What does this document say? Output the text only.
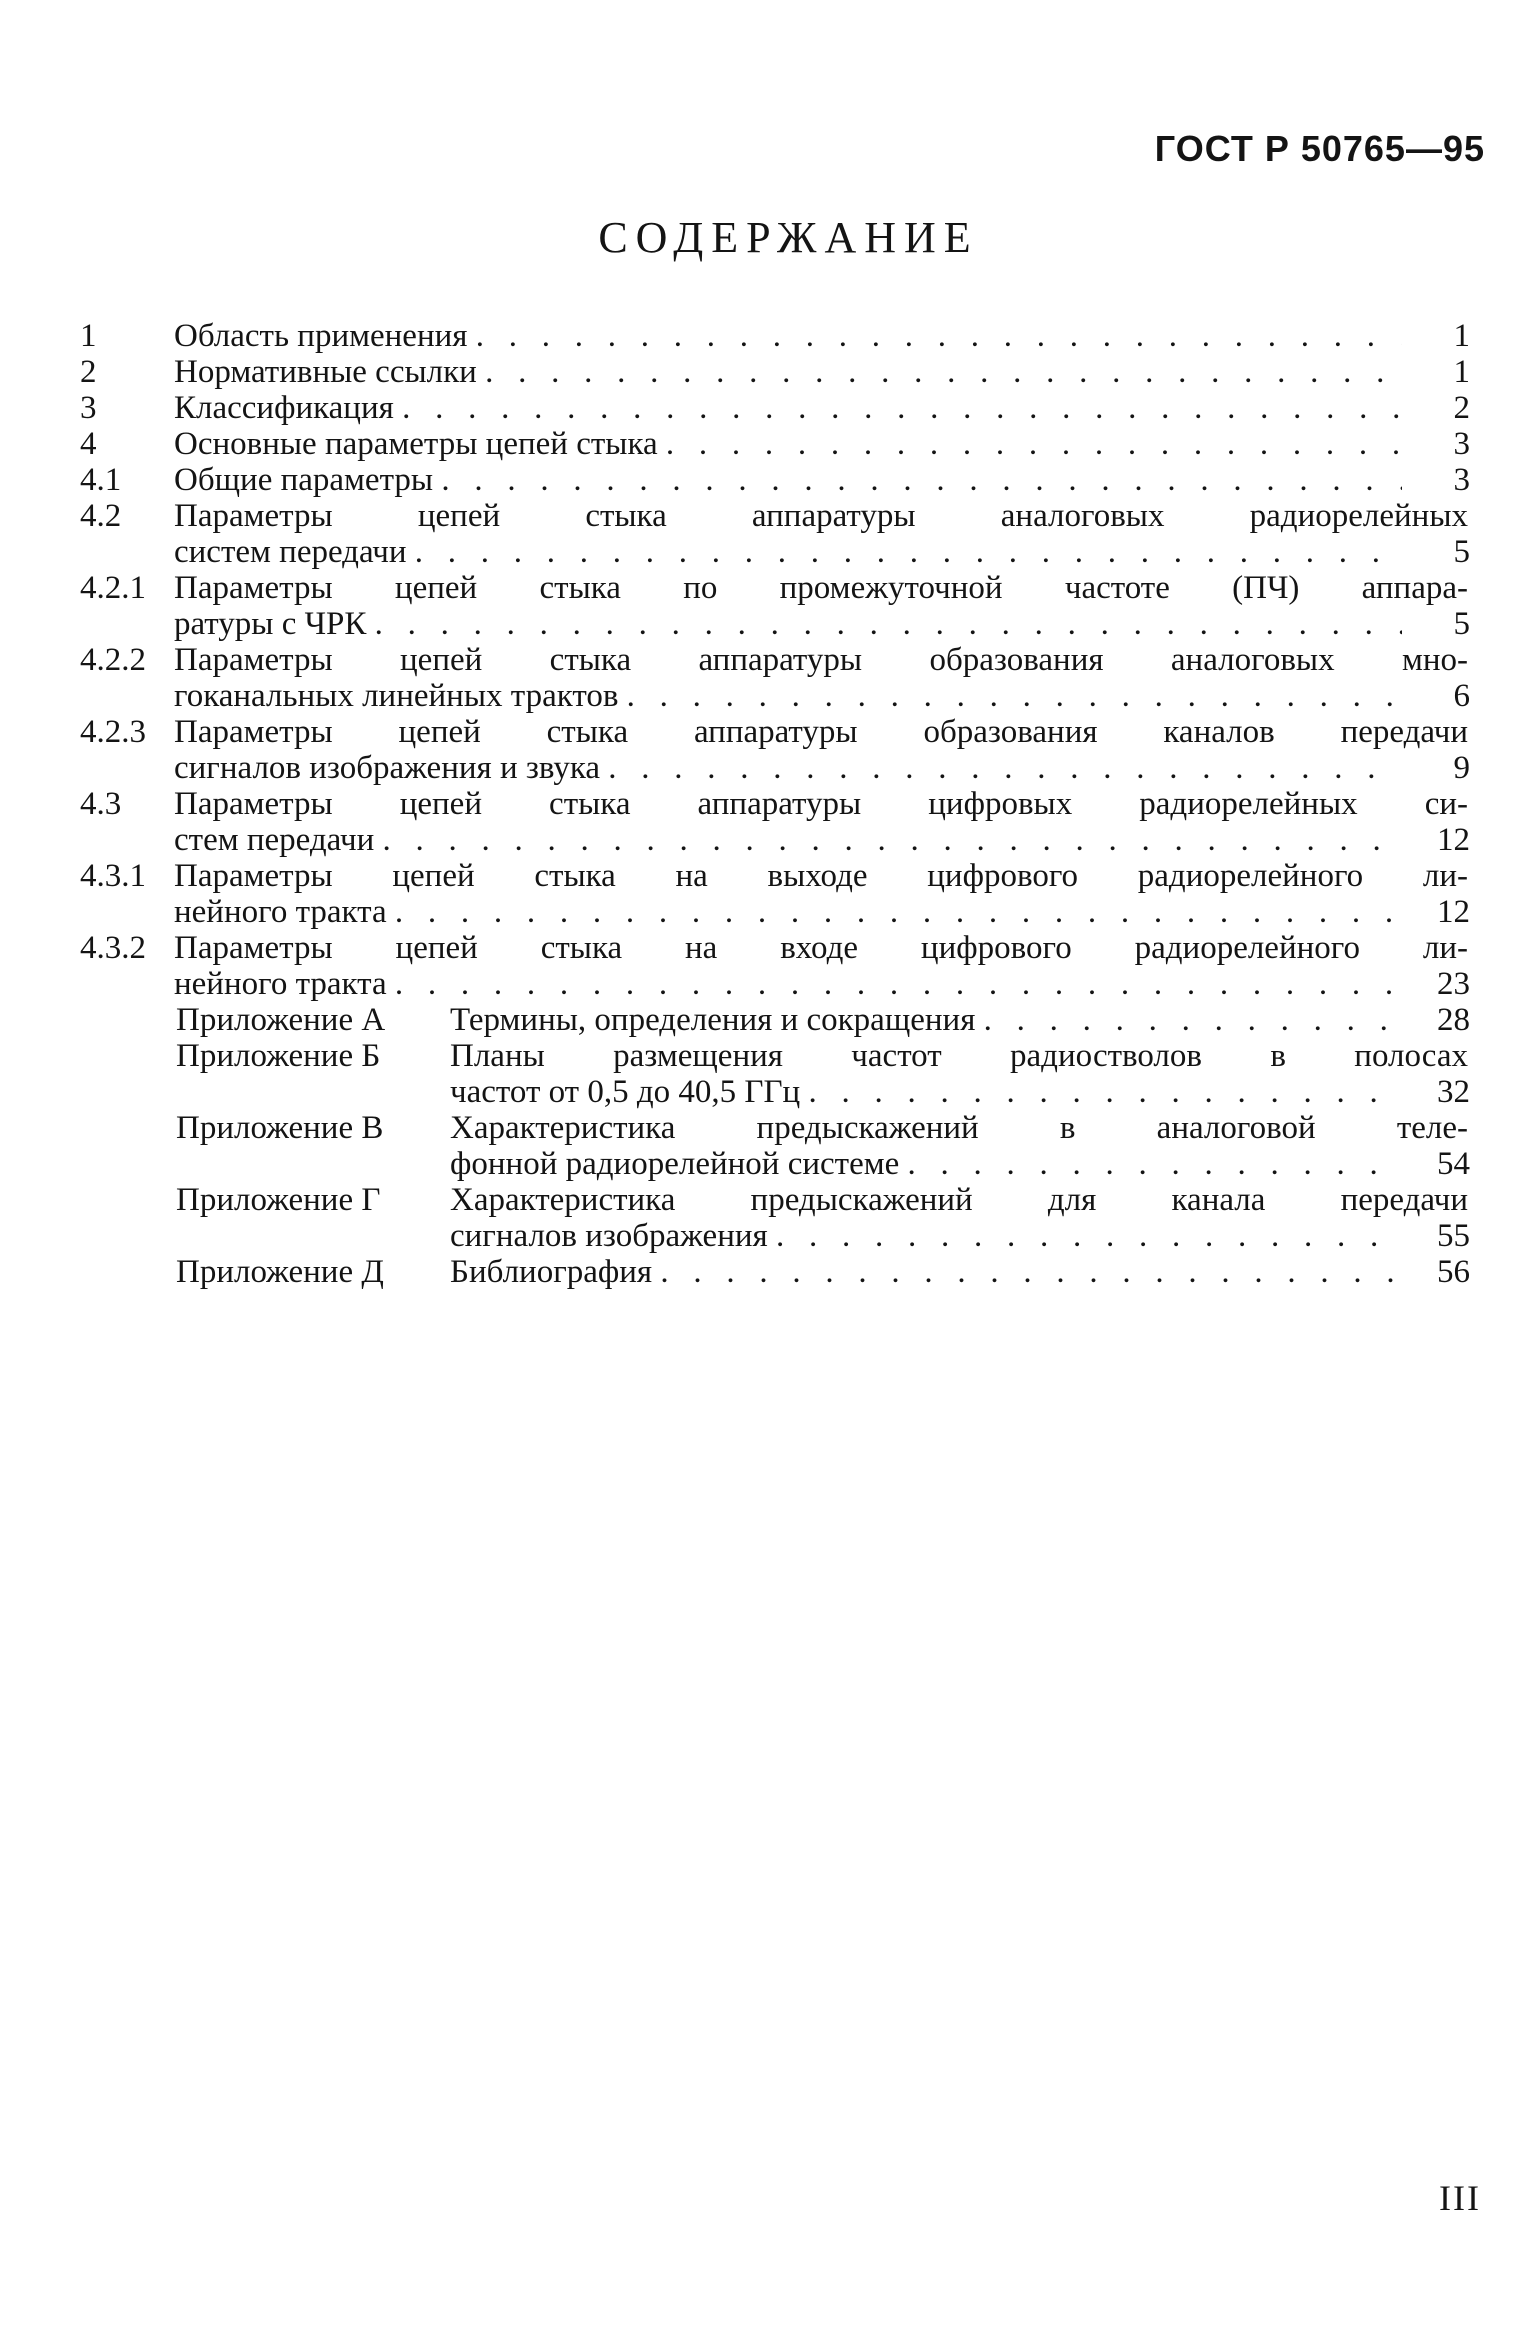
ГОСТ Р 50765—95
СОДЕРЖАНИЕ
1 Область применения . .	1
2 Нормативные ссылки . .	1
3 Классификация . .	2
4 Основные параметры цепей стыка . .	3
4.1 Общие параметры . .	3
4.2 Параметры цепей стыка аппаратуры аналоговых радиорелейных
систем передачи . .	5
4.2.1 Параметры цепей стыка по промежуточной частоте (ПЧ) аппара-
ратуры с ЧРК . .	5
4.2.2 Параметры цепей стыка аппаратуры образования аналоговых мно-
гоканальных линейных трактов . .	6
4.2.3 Параметры цепей стыка аппаратуры образования каналов передачи
сигналов изображения и звука . .	9
4.3 Параметры цепей стыка аппаратуры цифровых радиорелейных си-
стем передачи . .	12
4.3.1 Параметры цепей стыка на выходе цифрового радиорелейного ли-
нейного тракта . .	12
4.3.2 Параметры цепей стыка на входе цифрового радиорелейного ли-
нейного тракта . .	23
Приложение А Термины, определения и сокращения . .	28
Приложение Б Планы размещения частот радиостволов в полосах
частот от 0,5 до 40,5 ГГц . .	32
Приложение В Характеристика предыскажений в аналоговой теле-
фонной радиорелейной системе . .	54
Приложение Г Характеристика предыскажений для канала передачи
сигналов изображения . .	55
Приложение Д Библиография . .	56
III
